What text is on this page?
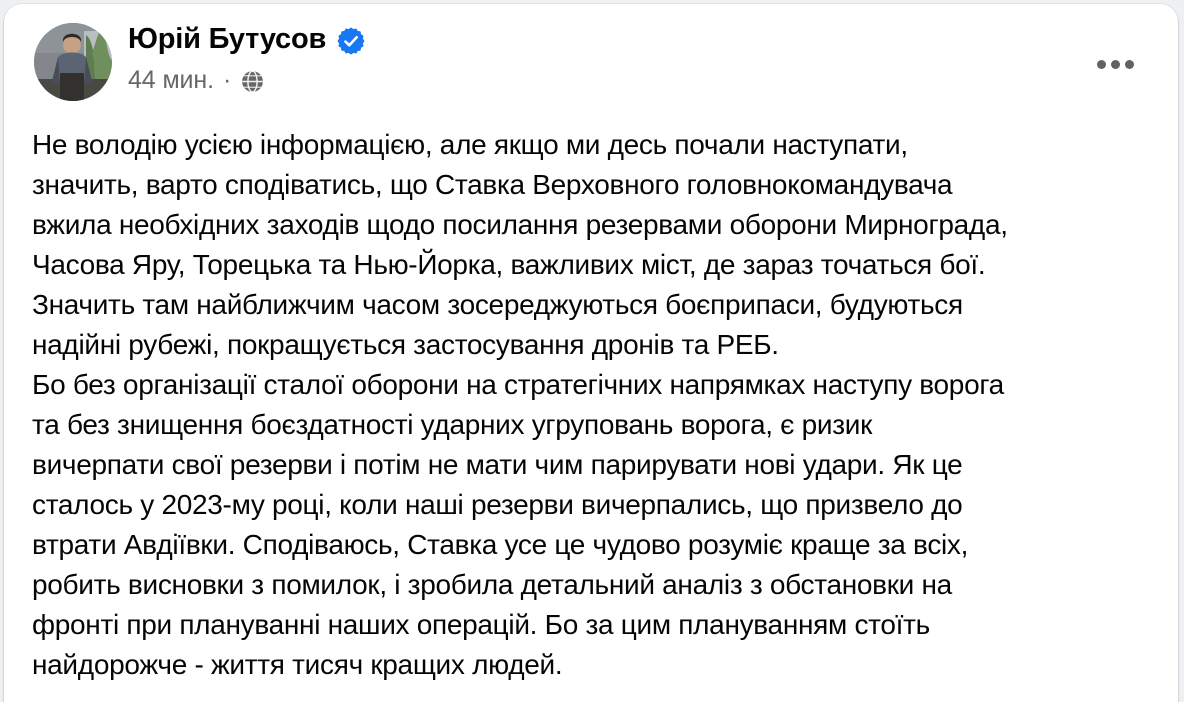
Юрій Бутусов
44 мин. ·
Не володію усією інформацією, але якщо ми десь почали наступати,
значить, варто сподіватись, що Ставка Верховного головнокомандувача
вжила необхідних заходів щодо посилання резервами оборони Мирнограда,
Часова Яру, Торецька та Нью-Йорка, важливих міст, де зараз точаться бої.
Значить там найближчим часом зосереджуються боєприпаси, будуються
надійні рубежі, покращується застосування дронів та РЕБ.
Бо без організації сталої оборони на стратегічних напрямках наступу ворога
та без знищення боєздатності ударних угруповань ворога, є ризик
вичерпати свої резерви і потім не мати чим парирувати нові удари. Як це
сталось у 2023-му році, коли наші резерви вичерпались, що призвело до
втрати Авдіївки. Сподіваюсь, Ставка усе це чудово розуміє краще за всіх,
робить висновки з помилок, і зробила детальний аналіз з обстановки на
фронті при плануванні наших операцій. Бо за цим плануванням стоїть
найдорожче - життя тисяч кращих людей.
